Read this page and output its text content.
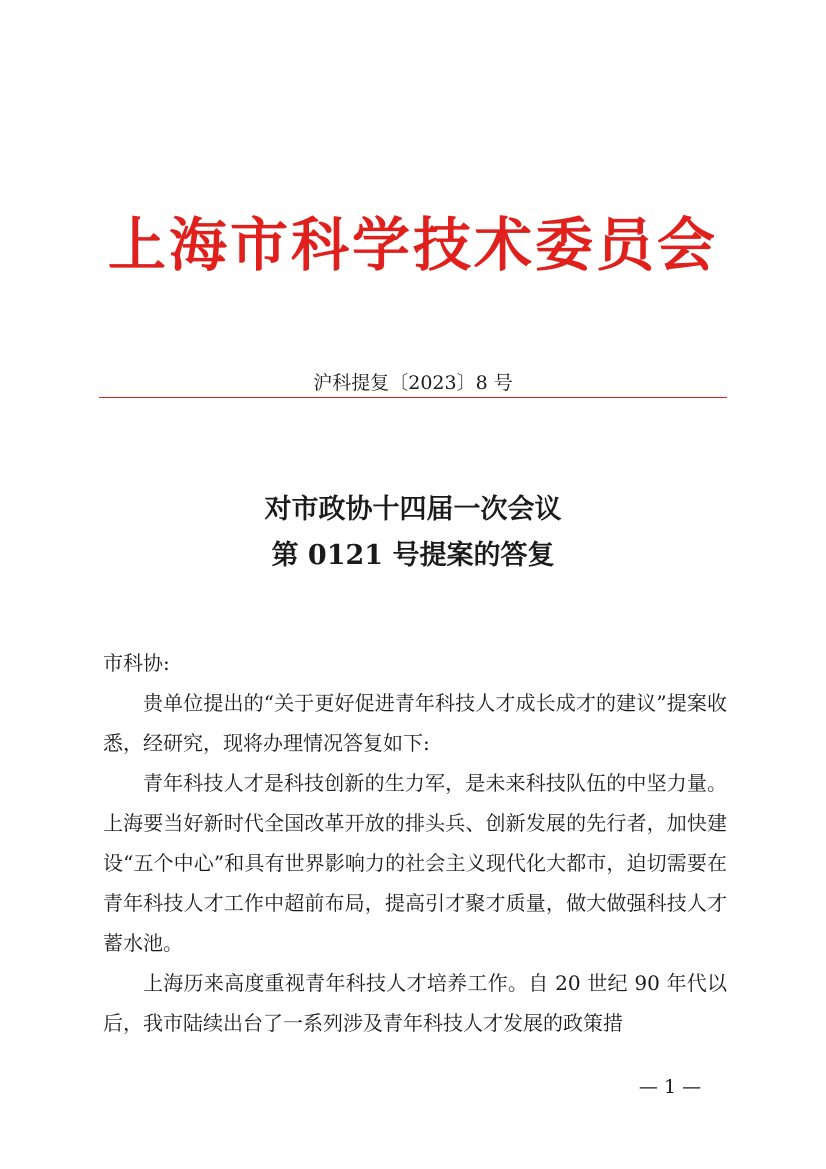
上海市科学技术委员会
沪科提复〔2023〕8 号
对市政协十四届一次会议
第 0121 号提案的答复

市科协:

贵单位提出的“关于更好促进青年科技人才成长成才的建议”提案收悉，经研究，现将办理情况答复如下:

青年科技人才是科技创新的生力军，是未来科技队伍的中坚力量。上海要当好新时代全国改革开放的排头兵、创新发展的先行者，加快建设“五个中心”和具有世界影响力的社会主义现代化大都市，迫切需要在青年科技人才工作中超前布局，提高引才聚才质量，做大做强科技人才蓄水池。

上海历来高度重视青年科技人才培养工作。自 20 世纪 90 年代以后，我市陆续出台了一系列涉及青年科技人才发展的政策措

— 1 —
